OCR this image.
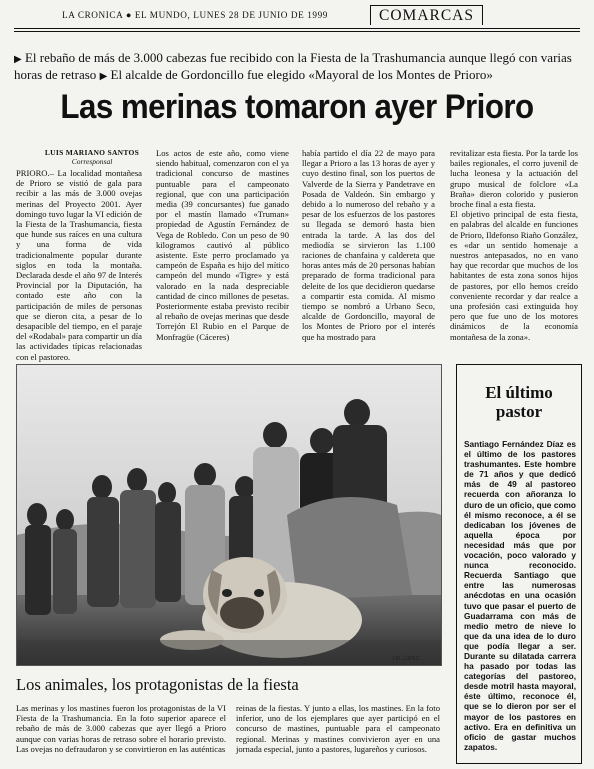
LA CRONICA ● EL MUNDO, LUNES 28 DE JUNIO DE 1999	COMARCAS
▶ El rebaño de más de 3.000 cabezas fue recibido con la Fiesta de la Trashumancia aunque llegó con varias horas de retraso ▶ El alcalde de Gordoncillo fue elegido «Mayoral de los Montes de Prioro»
Las merinas tomaron ayer Prioro
LUIS MARIANO SANTOS
Corresponsal
PRIORO.– La localidad montañesa de Prioro se vistió de gala para recibir a las más de 3.000 ovejas merinas del Proyecto 2001. Ayer domingo tuvo lugar la VI edición de la Fiesta de la Trashumancia, fiesta que hunde sus raíces en una cultura y una forma de vida tradicionalmente popular durante siglos en toda la montaña. Declarada desde el año 97 de Interés Provincial por la Diputación, ha contado este año con la participación de miles de personas que se dieron cita, a pesar de lo desapacible del tiempo, en el paraje del «Rodabal» para compartir un día las actividades típicas relacionadas con el pastoreo.
Los actos de este año, como viene siendo habitual, comenzaron con el ya tradicional concurso de mastines puntuable para el campeonato regional, que con una participación media (39 concursantes) fue ganado por el mastín llamado «Truman» propiedad de Agustín Fernández de Vega de Robledo. Con un peso de 90 kilogramos cautivó al público asistente. Este perro proclamado ya campeón de España es hijo del mítico campeón del mundo «Tigre» y está valorado en la nada despreciable cantidad de cinco millones de pesetas. Posteriormente estaba previsto recibir al rebaño de ovejas merinas que desde Torrejón El Rubio en el Parque de Monfragüe (Cáceres)
había partido el día 22 de mayo para llegar a Prioro a las 13 horas de ayer y cuyo destino final, son los puertos de Valverde de la Sierra y Pandetrave en Posada de Valdeón. Sin embargo y debido a lo numeroso del rebaño y a pesar de los esfuerzos de los pastores su llegada se demoró hasta bien entrada la tarde. A las dos del mediodía se sirvieron las 1.100 raciones de chanfaina y caldereta que horas antes más de 20 personas habían preparado de forma tradicional para deleite de los que decidieron quedarse a compartir esta comida. Al mismo tiempo se nombró a Urbano Seco, alcalde de Gordoncillo, mayoral de los Montes de Prioro por el interés que ha mostrado para
revitalizar esta fiesta. Por la tarde los bailes regionales, el corro juvenil de lucha leonesa y la actuación del grupo musical de folclore «La Braña» dieron colorido y pusieron broche final a esta fiesta.
El objetivo principal de esta fiesta, en palabras del alcalde en funciones de Prioro, Ildefonso Riaño González, es «dar un sentido homenaje a nuestros antepasados, no en vano hay que recordar que muchos de los habitantes de esta zona sonos hijos de pastores, por ello hemos creído conveniente recordar y dar realce a una profesión casi extinguida hoy pero que fue uno de los motores dinámicos de la economía montañesa de la zona».
J.M. LÓPEZ
El último
pastor
Santiago Fernández Díaz es el último de los pastores trashumantes. Este hombre de 71 años y que dedicó más de 49 al pastoreo recuerda con añoranza lo duro de un oficio, que como él mismo reconoce, a él se dedicaban los jóvenes de aquella época por necesidad más que por vocación, poco valorado y nunca reconocido. Recuerda Santiago que entre las numerosas anécdotas en una ocasión tuvo que pasar el puerto de Guadarrama con más de medio metro de nieve lo que da una idea de lo duro que podía llegar a ser. Durante su dilatada carrera ha pasado por todas las categorías del pastoreo, desde motril hasta mayoral, éste último, reconoce él, que se lo dieron por ser el mayor de los pastores en activo. Era en definitiva un oficio de gastar muchos zapatos.
Los animales, los protagonistas de la fiesta
Las merinas y los mastines fueron los protagonistas de la VI Fiesta de la Trashumancia. En la foto superior aparece el rebaño de más de 3.000 cabezas que ayer llegó a Prioro aunque con varias horas de retraso sobre el horario previsto. Las ovejas no defraudaron y se convirtieron en las auténticas
reinas de la fiestas. Y junto a ellas, los mastines. En la foto inferior, uno de los ejemplares que ayer participó en el concurso de mastines, puntuable para el campeonato regional. Merinas y mastines convivieron ayer en una jornada especial, junto a pastores, lugareños y curiosos.
